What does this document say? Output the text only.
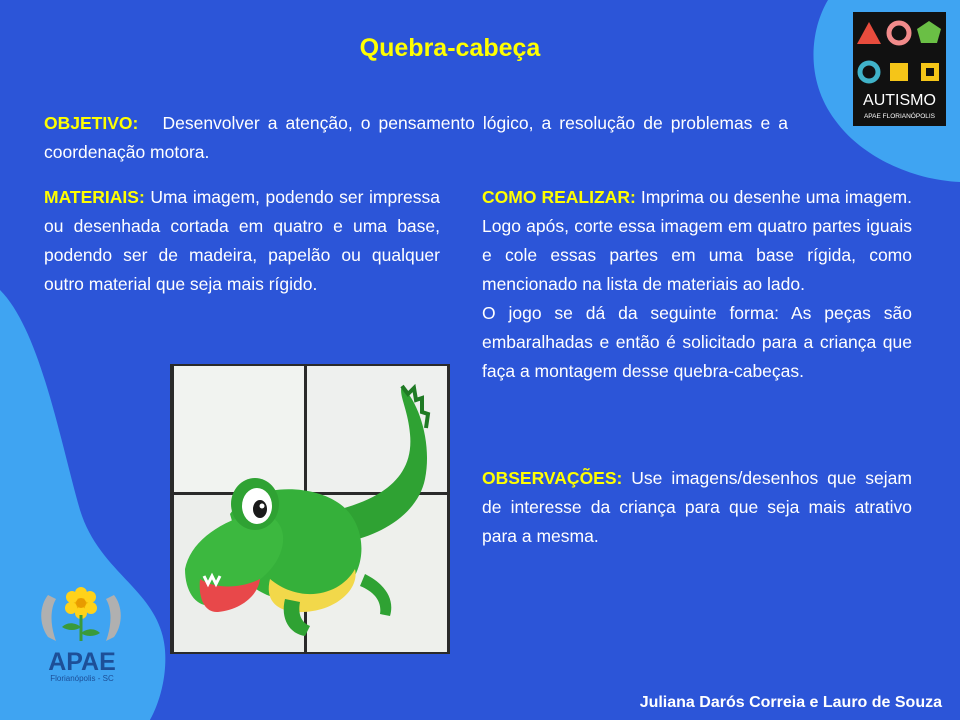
Quebra-cabeça

OBJETIVO: Desenvolver a atenção, o pensamento lógico, a resolução de problemas e a coordenação motora.

MATERIAIS: Uma imagem, podendo ser impressa ou desenhada cortada em quatro e uma base, podendo ser de madeira, papelão ou qualquer outro material que seja mais rígido.

COMO REALIZAR: Imprima ou desenhe uma imagem. Logo após, corte essa imagem em quatro partes iguais e cole essas partes em uma base rígida, como mencionado na lista de materiais ao lado.

O jogo se dá da seguinte forma: As peças são embaralhadas e então é solicitado para a criança que faça a montagem desse quebra-cabeças.

OBSERVAÇÕES: Use imagens/desenhos que sejam de interesse da criança para que seja mais atrativo para a mesma.

AUTISMO
APAE FLORIANÓPOLIS
APAE
Florianópolis - SC
Juliana Darós Correia e Lauro de Souza
